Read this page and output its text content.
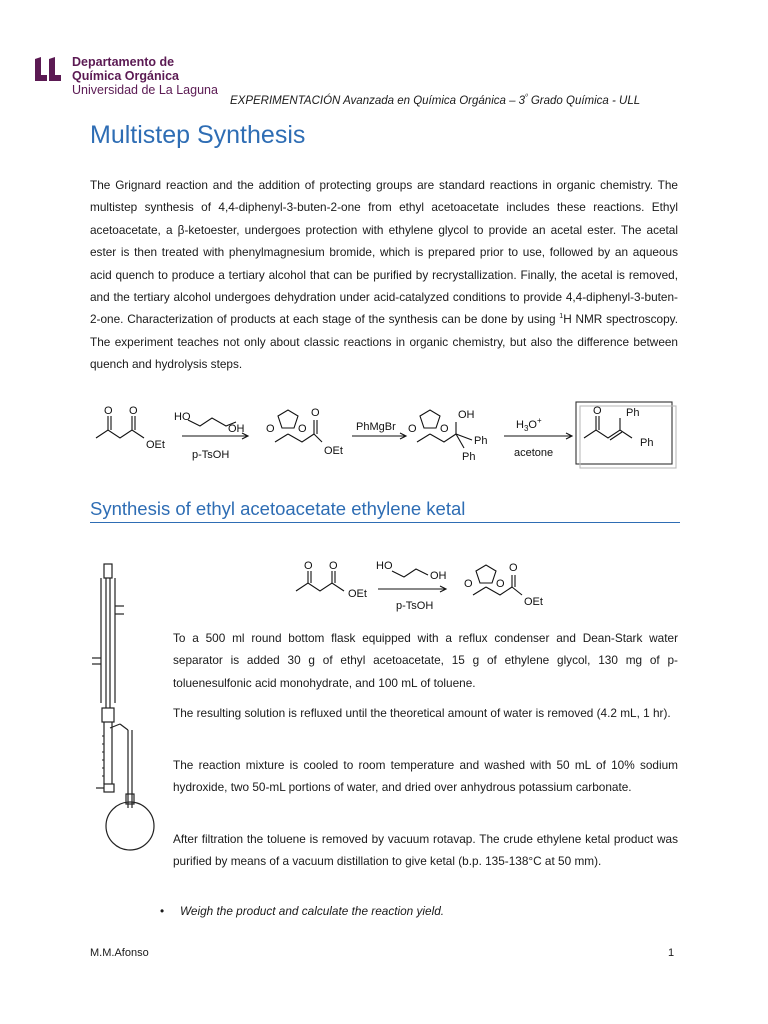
Departamento de
Química Orgánica
Universidad de La Laguna
EXPERIMENTACIÓN Avanzada en Química Orgánica – $3^º$ Grado Química - ULL
Multistep Synthesis
The Grignard reaction and the addition of protecting groups are standard reactions in organic chemistry. The multistep synthesis of 4,4-diphenyl-3-buten-2-one from ethyl acetoacetate includes these reactions. Ethyl acetoacetate, a β-ketoester, undergoes protection with ethylene glycol to provide an acetal ester. The acetal ester is then treated with phenylmagnesium bromide, which is prepared prior to use, followed by an aqueous acid quench to produce a tertiary alcohol that can be purified by recrystallization. Finally, the acetal is removed, and the tertiary alcohol undergoes dehydration under acid-catalyzed conditions to provide 4,4-diphenyl-3-buten-2-one. Characterization of products at each stage of the synthesis can be done by using $^1$H NMR spectroscopy. The experiment teaches not only about classic reactions in organic chemistry, but also the difference between quench and hydrolysis steps.
O O
OEt
HO
OH
p-TsOH
O O
O
OEt
PhMgBr O O
OH
Ph
Ph
$H_3O^+$
acetone
O Ph
Ph
Synthesis of ethyl acetoacetate ethylene ketal
O O
OEt
HO
OH
p-TsOH
O O
O
OEt
To a 500 ml round bottom flask equipped with a reflux condenser and Dean-Stark water separator is added 30 g of ethyl acetoacetate, 15 g of ethylene glycol, 130 mg of p-toluenesulfonic acid monohydrate, and 100 mL of toluene.
The resulting solution is refluxed until the theoretical amount of water is removed (4.2 mL, 1 hr).
The reaction mixture is cooled to room temperature and washed with 50 mL of 10% sodium hydroxide, two 50-mL portions of water, and dried over anhydrous potassium carbonate.
After filtration the toluene is removed by vacuum rotavap. The crude ethylene ketal product was purified by means of a vacuum distillation to give ketal (b.p. 135-138°C at 50 mm).
• Weigh the product and calculate the reaction yield.
M.M.Afonso	1
